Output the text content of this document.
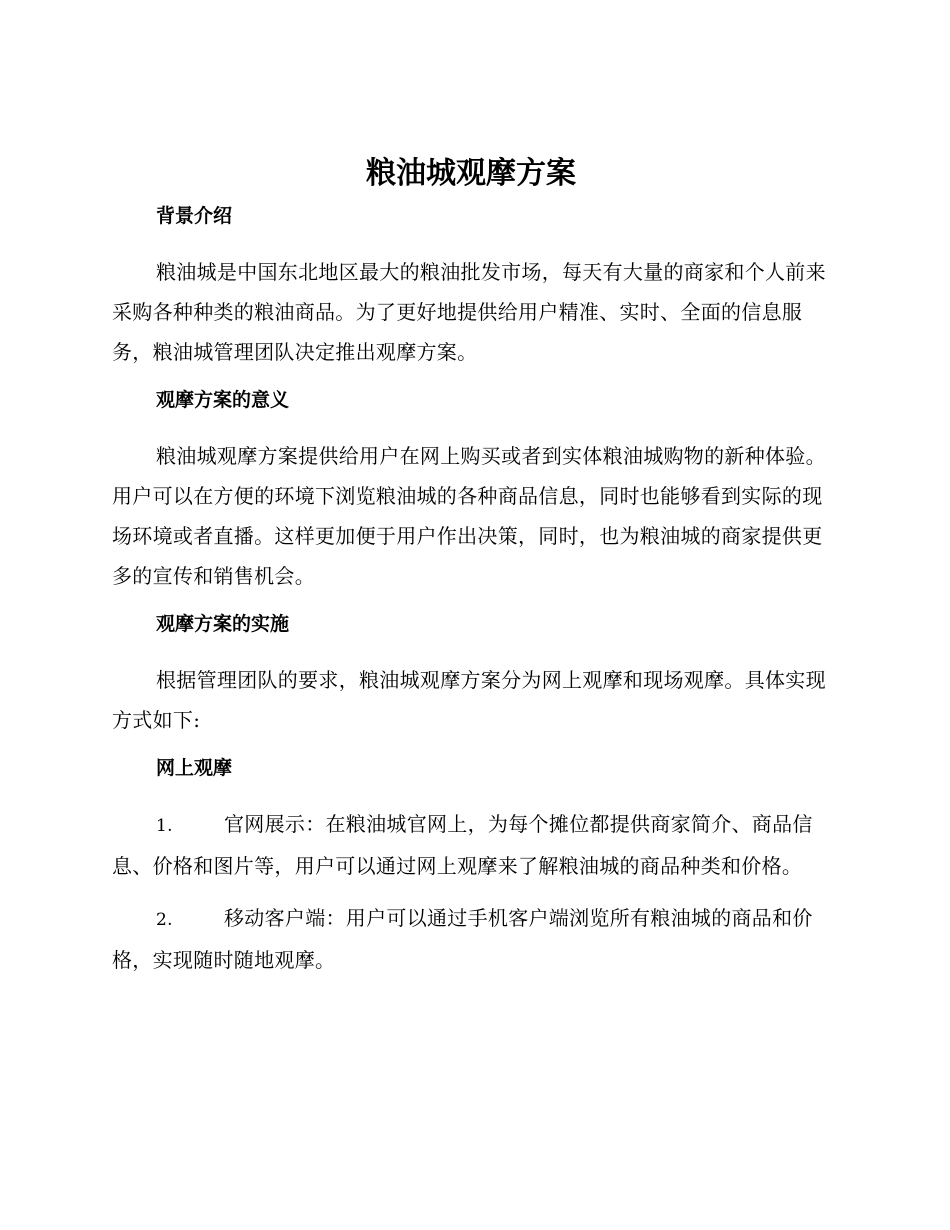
粮油城观摩方案
背景介绍

粮油城是中国东北地区最大的粮油批发市场，每天有大量的商家和个人前来采购各种种类的粮油商品。为了更好地提供给用户精准、实时、全面的信息服务，粮油城管理团队决定推出观摩方案。

观摩方案的意义

粮油城观摩方案提供给用户在网上购买或者到实体粮油城购物的新种体验。用户可以在方便的环境下浏览粮油城的各种商品信息，同时也能够看到实际的现场环境或者直播。这样更加便于用户作出决策，同时，也为粮油城的商家提供更多的宣传和销售机会。

观摩方案的实施

根据管理团队的要求，粮油城观摩方案分为网上观摩和现场观摩。具体实现方式如下:

网上观摩

1.	官网展示：在粮油城官网上，为每个摊位都提供商家简介、商品信息、价格和图片等，用户可以通过网上观摩来了解粮油城的商品种类和价格。

2.	移动客户端：用户可以通过手机客户端浏览所有粮油城的商品和价格，实现随时随地观摩。
